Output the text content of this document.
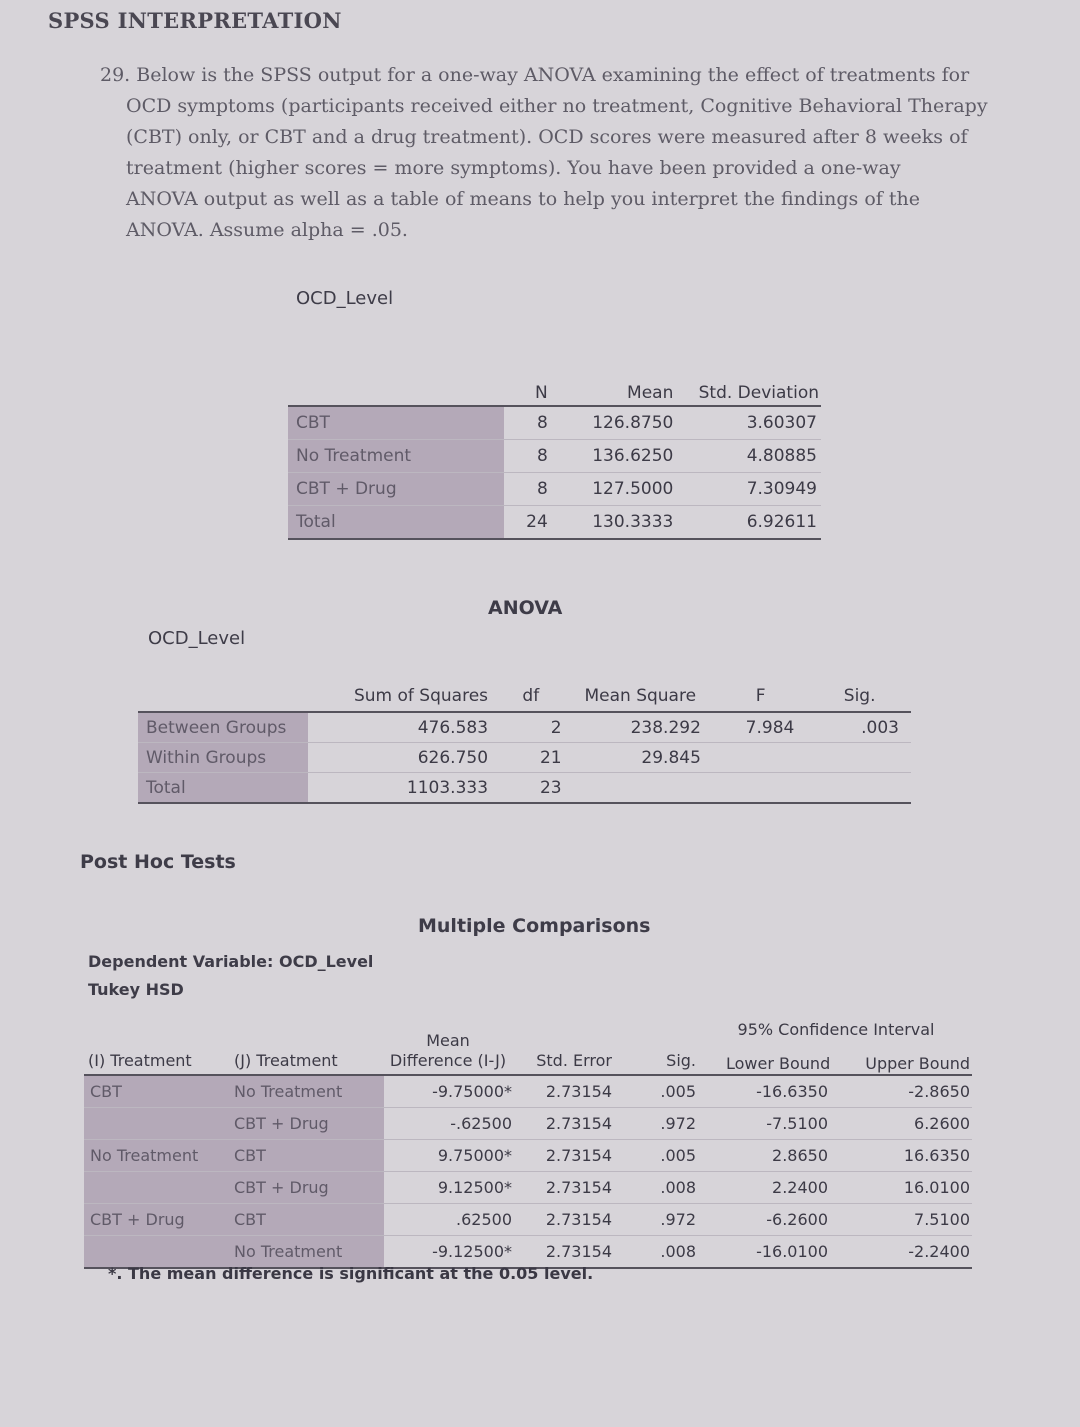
SPSS INTERPRETATION
29. Below is the SPSS output for a one-way ANOVA examining the effect of treatments for
OCD symptoms (participants received either no treatment, Cognitive Behavioral Therapy
(CBT) only, or CBT and a drug treatment). OCD scores were measured after 8 weeks of
treatment (higher scores = more symptoms). You have been provided a one-way
ANOVA output as well as a table of means to help you interpret the findings of the
ANOVA. Assume alpha = .05.
OCD_Level
	N	Mean	Std. Deviation
CBT	8	126.8750	3.60307
No Treatment	8	136.6250	4.80885
CBT + Drug	8	127.5000	7.30949
Total	24	130.3333	6.92611
ANOVA
OCD_Level
	Sum of Squares	df	Mean Square	F	Sig.
Between Groups	476.583	2	238.292	7.984	.003
Within Groups	626.750	21	29.845		
Total	1103.333	23			
Post Hoc Tests
Multiple Comparisons
Dependent Variable: OCD_Level
Tukey HSD
(I) Treatment	(J) Treatment	Mean Difference (I-J)	Std. Error	Sig.	95% Confidence Interval
Lower Bound Upper Bound	

CBT	No Treatment	-9.75000*	2.73154	.005	-16.6350	-2.8650
	CBT + Drug	-.62500	2.73154	.972	-7.5100	6.2600
No Treatment	CBT	9.75000*	2.73154	.005	2.8650	16.6350
	CBT + Drug	9.12500*	2.73154	.008	2.2400	16.0100
CBT + Drug	CBT	.62500	2.73154	.972	-6.2600	7.5100
	No Treatment	-9.12500*	2.73154	.008	-16.0100	-2.2400
*. The mean difference is significant at the 0.05 level.
